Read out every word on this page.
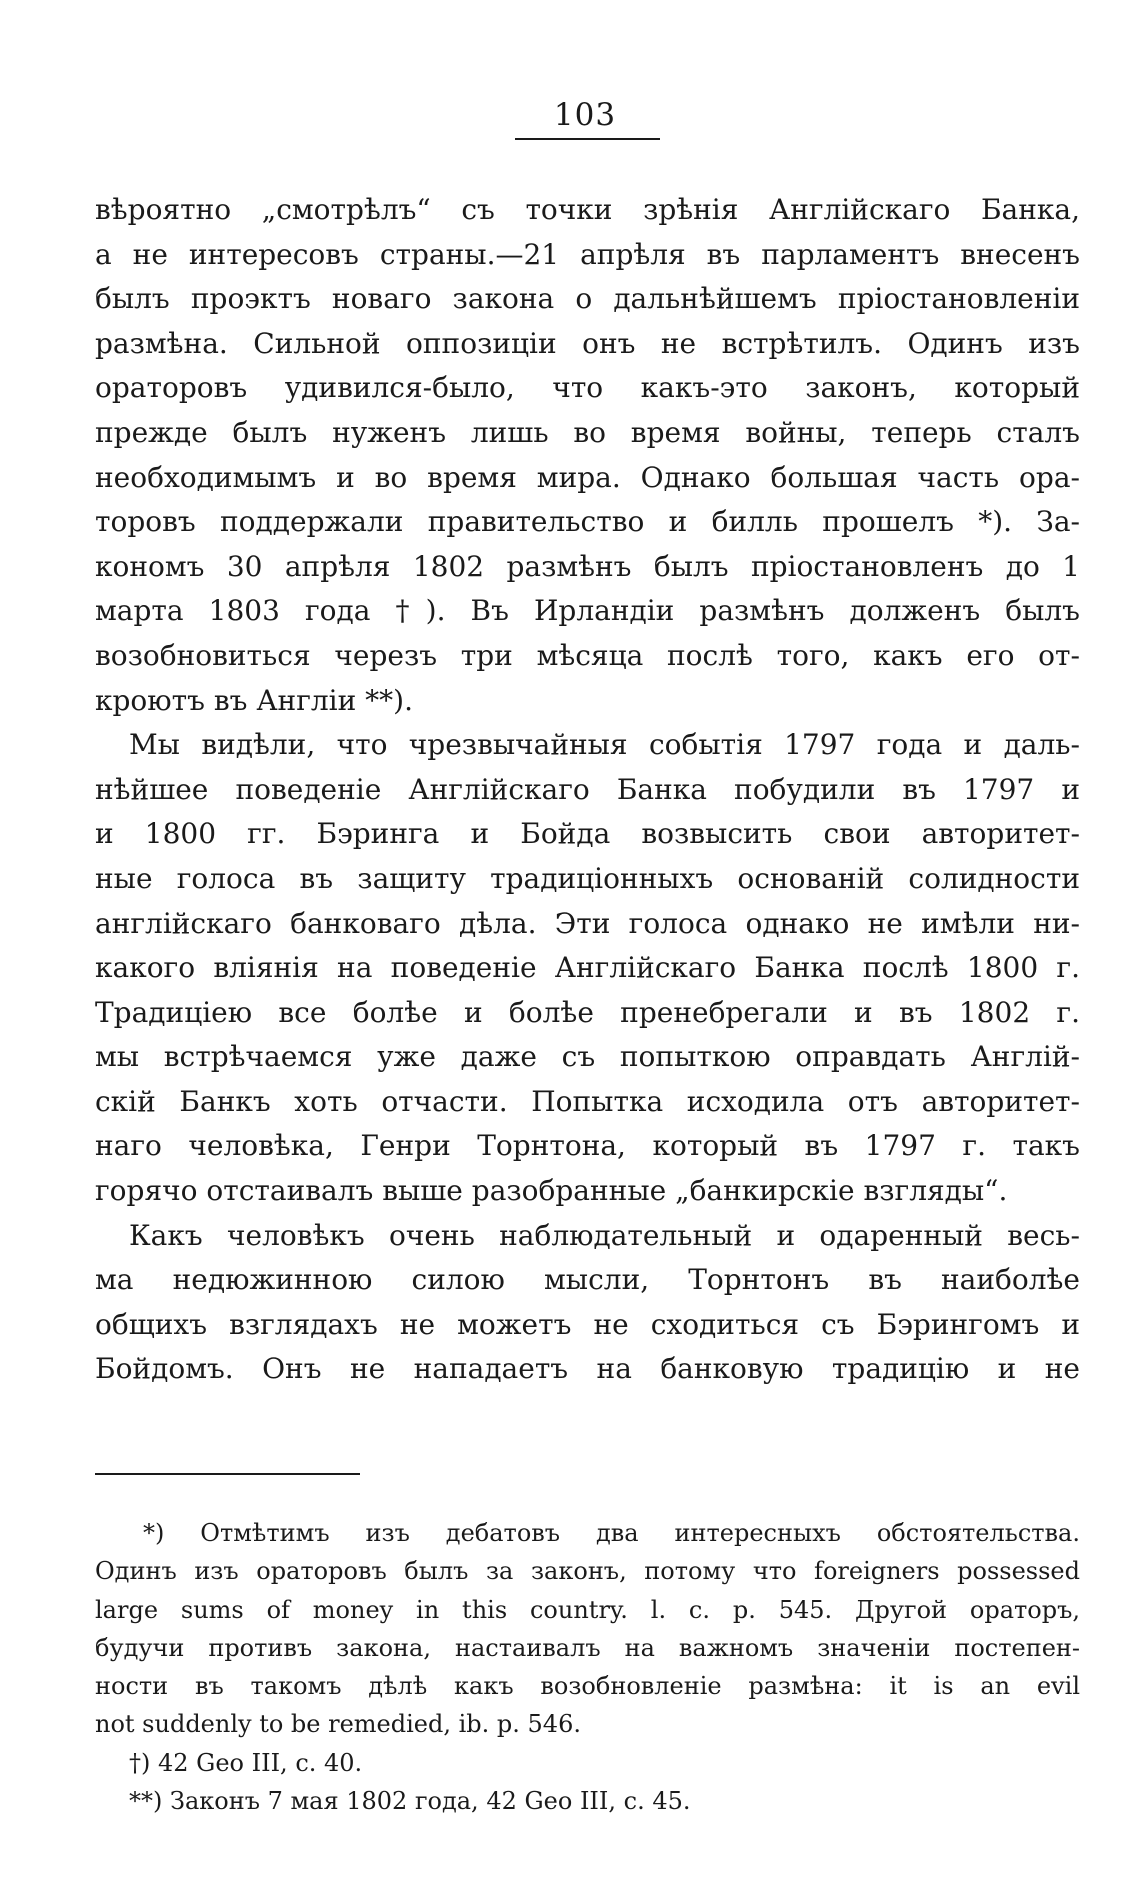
103
вѣроятно „смотрѣлъ“ съ точки зрѣнія Англійскаго Банка,
а не интересовъ страны.—21 апрѣля въ парламентъ внесенъ
былъ проэктъ новаго закона о дальнѣйшемъ пріостановленіи
размѣна. Сильной оппозиціи онъ не встрѣтилъ. Одинъ изъ
ораторовъ удивился-было, что какъ-это законъ, который
прежде былъ нуженъ лишь во время войны, теперь сталъ
необходимымъ и во время мира. Однако большая часть ора-
торовъ поддержали правительство и билль прошелъ *). За-
кономъ 30 апрѣля 1802 размѣнъ былъ пріостановленъ до 1
марта 1803 года †). Въ Ирландіи размѣнъ долженъ былъ
возобновиться черезъ три мѣсяца послѣ того, какъ его от-
кроютъ въ Англіи **).
Мы видѣли, что чрезвычайныя событія 1797 года и даль-
нѣйшее поведеніе Англійскаго Банка побудили въ 1797 и
и 1800 гг. Бэринга и Бойда возвысить свои авторитет-
ные голоса въ защиту традиціонныхъ основаній солидности
англійскаго банковаго дѣла. Эти голоса однако не имѣли ни-
какого вліянія на поведеніе Англійскаго Банка послѣ 1800 г.
Традиціею все болѣе и болѣе пренебрегали и въ 1802 г.
мы встрѣчаемся уже даже съ попыткою оправдать Англій-
скій Банкъ хоть отчасти. Попытка исходила отъ авторитет-
наго человѣка, Генри Торнтона, который въ 1797 г. такъ
горячо отстаивалъ выше разобранные „банкирскіе взгляды“.
Какъ человѣкъ очень наблюдательный и одаренный весь-
ма недюжинною силою мысли, Торнтонъ въ наиболѣе
общихъ взглядахъ не можетъ не сходиться съ Бэрингомъ и
Бойдомъ. Онъ не нападаетъ на банковую традицію и не
*) Отмѣтимъ изъ дебатовъ два интересныхъ обстоятельства.
Одинъ изъ ораторовъ былъ за законъ, потому что foreigners possessed
large sums of money in this country. l. c. p. 545. Другой ораторъ,
будучи противъ закона, настаивалъ на важномъ значеніи постепен-
ности въ такомъ дѣлѣ какъ возобновленіе размѣна: it is an evil
not suddenly to be remedied, ib. p. 546.
†) 42 Geo III, c. 40.
**) Законъ 7 мая 1802 года, 42 Geo III, c. 45.
